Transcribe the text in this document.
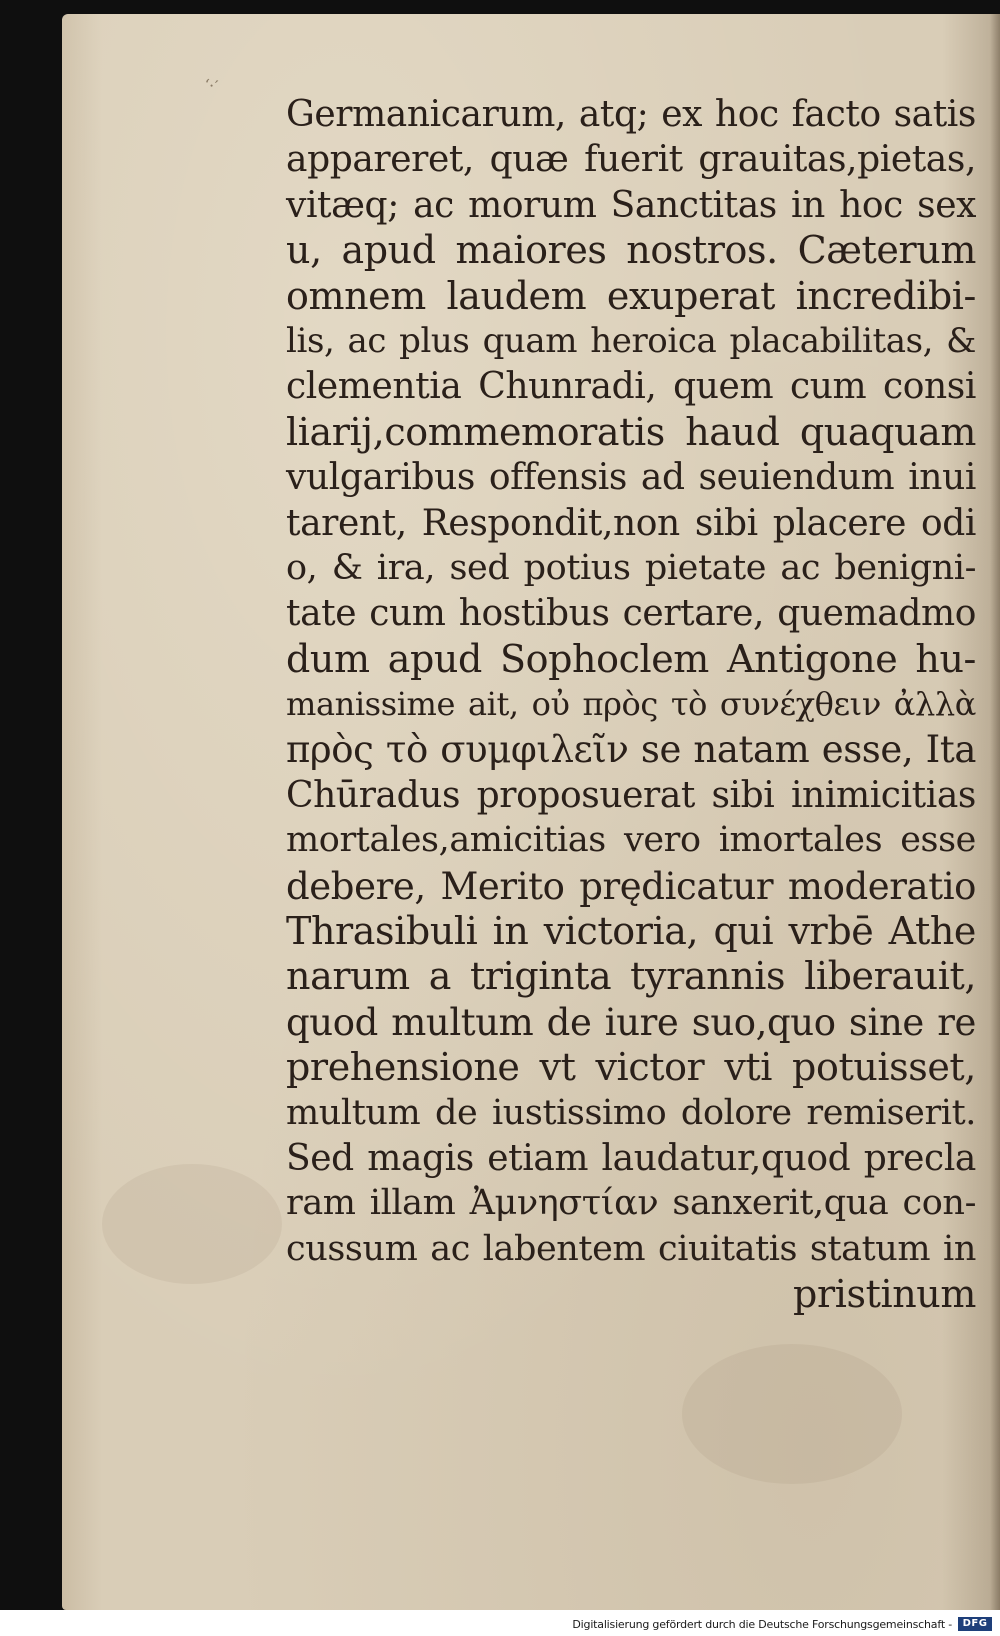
ʻ·′
Germanicarum, atq; ex hoc facto satis
appareret, quæ fuerit grauitas,pietas,
vitæq; ac morum Sanctitas in hoc sex
u, apud maiores nostros. Cæterum
omnem laudem exuperat incredibi-
lis, ac plus quam heroica placabilitas, &
clementia Chunradi, quem cum consi
liarij,commemoratis haud quaquam
vulgaribus offensis ad seuiendum inui
tarent, Respondit,non sibi placere odi
o, & ira, sed potius pietate ac benigni-
tate cum hostibus certare, quemadmo
dum apud Sophoclem Antigone hu-
manissime ait, οὐ πρὸς τὸ συνέχθειν ἀλλὰ
πρὸς τὸ συμφιλεῖν se natam esse, Ita
Chūradus proposuerat sibi inimicitias
mortales,amicitias vero imortales esse
debere, Merito prędicatur moderatio
Thrasibuli in victoria, qui vrbē Athe
narum a triginta tyrannis liberauit,
quod multum de iure suo,quo sine re
prehensione vt victor vti potuisset,
multum de iustissimo dolore remiserit.
Sed magis etiam laudatur,quod precla
ram illam Ἀμνηστίαν sanxerit,qua con-
cussum ac labentem ciuitatis statum in
pristinum
Digitalisierung gefördert durch die Deutsche Forschungsgemeinschaft -	DFG
